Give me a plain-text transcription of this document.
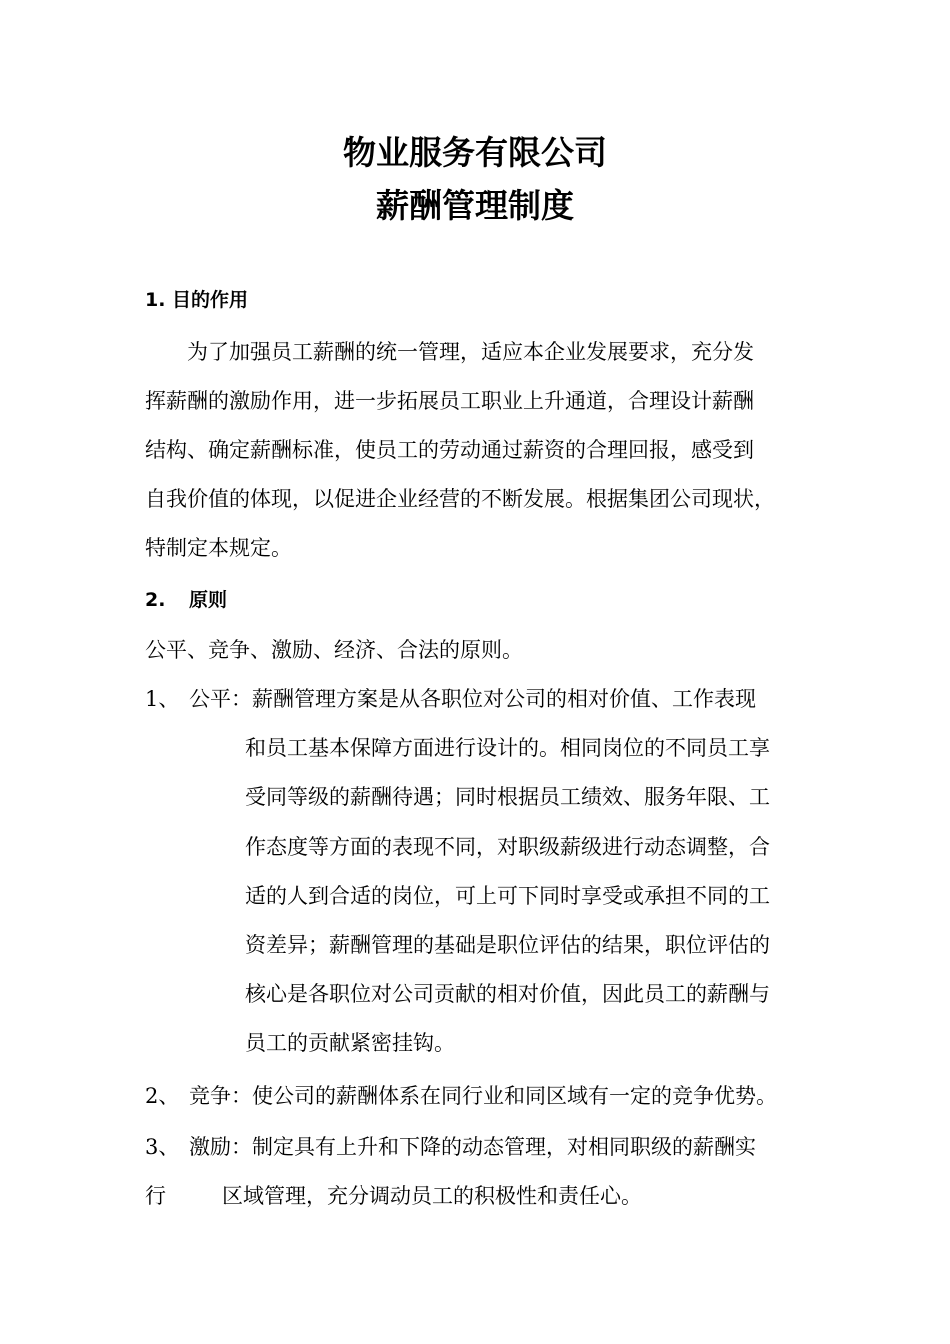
物业服务有限公司
薪酬管理制度
1. 目的作用
为了加强员工薪酬的统一管理，适应本企业发展要求，充分发
挥薪酬的激励作用，进一步拓展员工职业上升通道，合理设计薪酬
结构、确定薪酬标准，使员工的劳动通过薪资的合理回报，感受到
自我价值的体现，以促进企业经营的不断发展。根据集团公司现状，
特制定本规定。
2. 原则
公平、竞争、激励、经济、合法的原则。
1、 公平：薪酬管理方案是从各职位对公司的相对价值、工作表现
和员工基本保障方面进行设计的。相同岗位的不同员工享
受同等级的薪酬待遇；同时根据员工绩效、服务年限、工
作态度等方面的表现不同，对职级薪级进行动态调整，合
适的人到合适的岗位，可上可下同时享受或承担不同的工
资差异；薪酬管理的基础是职位评估的结果，职位评估的
核心是各职位对公司贡献的相对价值，因此员工的薪酬与
员工的贡献紧密挂钩。
2、 竞争：使公司的薪酬体系在同行业和同区域有一定的竞争优势。
3、 激励：制定具有上升和下降的动态管理，对相同职级的薪酬实
行	区域管理，充分调动员工的积极性和责任心。
